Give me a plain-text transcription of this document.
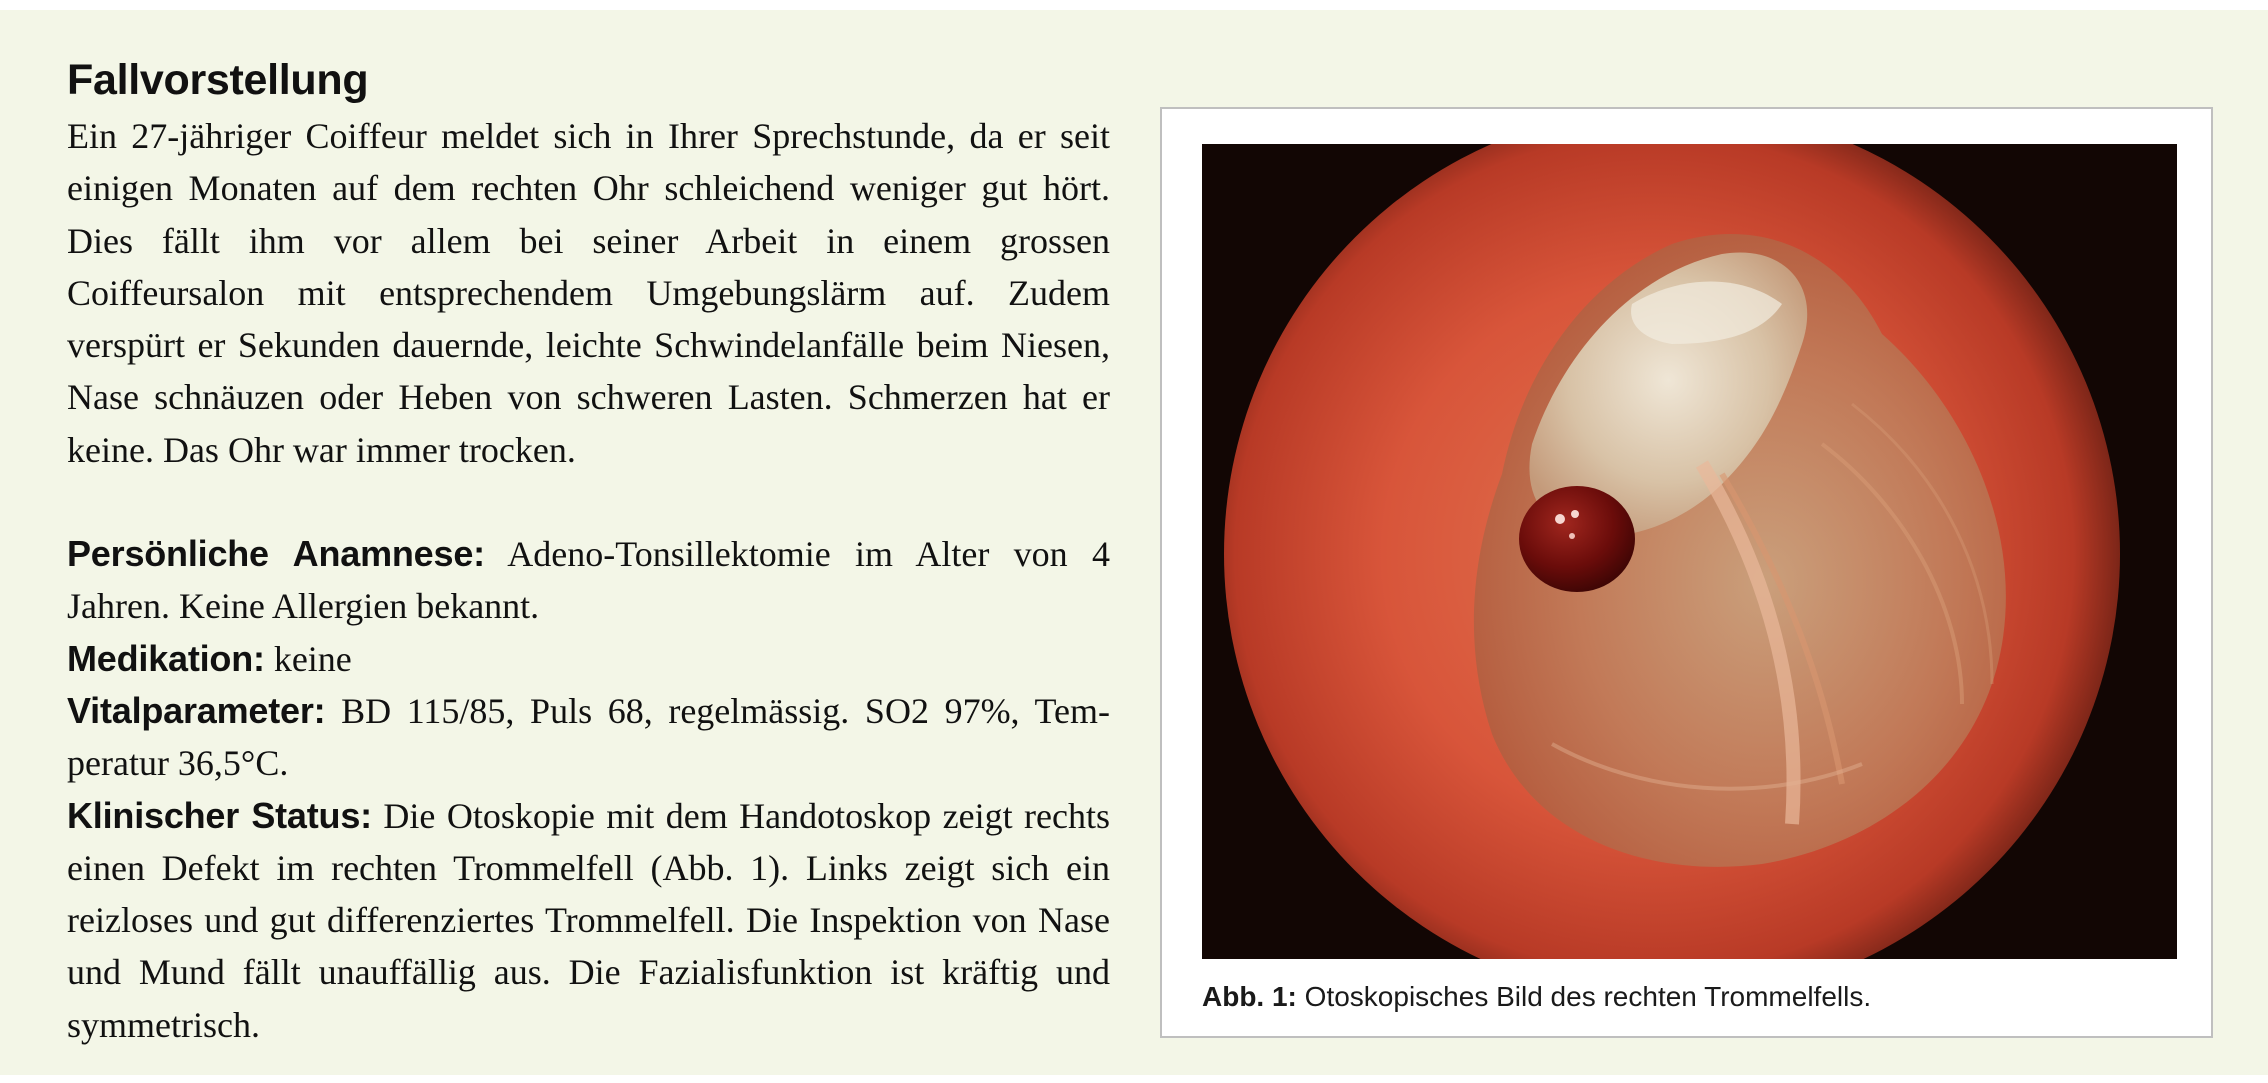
Fallvorstellung

Ein 27-jähriger Coiffeur meldet sich in Ihrer Sprechstunde, da er seit einigen Monaten auf dem rechten Ohr schleichend weniger gut hört. Dies fällt ihm vor allem bei seiner Arbeit in einem grossen Coiffeursalon mit entsprechendem Umgebungslärm auf. Zudem verspürt er Sekunden dauernde, leichte Schwindelanfälle beim Niesen, Nase schnäuzen oder Heben von schweren Lasten. Schmerzen hat er keine. Das Ohr war immer trocken.

Persönliche Anamnese: Adeno-Tonsillektomie im Alter von 4 Jahren. Keine Allergien bekannt.

Medikation: keine

Vitalparameter: BD 115/85, Puls 68, regelmässig. SO2 97%, Temperatur 36,5°C.

Klinischer Status: Die Otoskopie mit dem Handotoskop zeigt rechts einen Defekt im rechten Trommelfell (Abb. 1). Links zeigt sich ein reizloses und gut differenziertes Trommelfell. Die Inspektion von Nase und Mund fällt unauffällig aus. Die Fazialisfunktion ist kräftig und symmetrisch.

Abb. 1: Otoskopisches Bild des rechten Trommelfells.
